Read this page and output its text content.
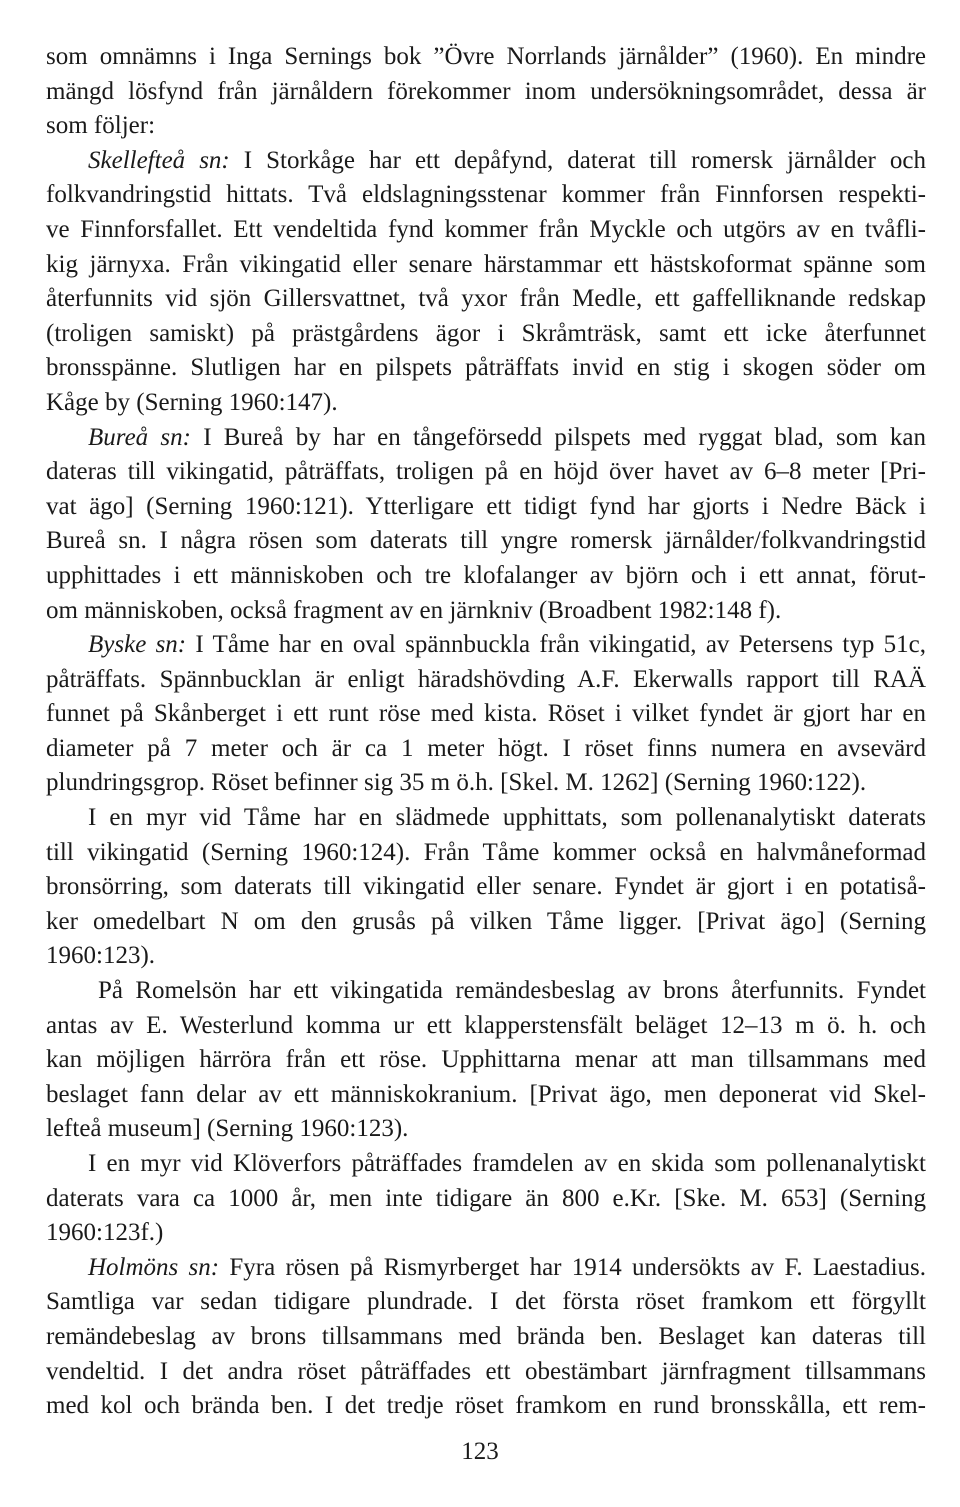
som omnämns i Inga Sernings bok ”Övre Norrlands järnålder” (1960). En mindre
mängd lösfynd från järnåldern förekommer inom undersökningsområdet, dessa är
som följer:
Skellefteå sn: I Storkåge har ett depåfynd, daterat till romersk järnålder och
folkvandringstid hittats. Två eldslagningsstenar kommer från Finnforsen respekti-
ve Finnforsfallet. Ett vendeltida fynd kommer från Myckle och utgörs av en tvåfli-
kig järnyxa. Från vikingatid eller senare härstammar ett hästskoformat spänne som
återfunnits vid sjön Gillersvattnet, två yxor från Medle, ett gaffelliknande redskap
(troligen samiskt) på prästgårdens ägor i Skråmträsk, samt ett icke återfunnet
bronsspänne. Slutligen har en pilspets påträffats invid en stig i skogen söder om
Kåge by (Serning 1960:147).
Bureå sn: I Bureå by har en tångeförsedd pilspets med ryggat blad, som kan
dateras till vikingatid, påträffats, troligen på en höjd över havet av 6–8 meter [Pri-
vat ägo] (Serning 1960:121). Ytterligare ett tidigt fynd har gjorts i Nedre Bäck i
Bureå sn. I några rösen som daterats till yngre romersk järnålder/folkvandringstid
upphittades i ett människoben och tre klofalanger av björn och i ett annat, förut-
om människoben, också fragment av en järnkniv (Broadbent 1982:148 f).
Byske sn: I Tåme har en oval spännbuckla från vikingatid, av Petersens typ 51c,
påträffats. Spännbucklan är enligt häradshövding A.F. Ekerwalls rapport till RAÄ
funnet på Skånberget i ett runt röse med kista. Röset i vilket fyndet är gjort har en
diameter på 7 meter och är ca 1 meter högt. I röset finns numera en avsevärd
plundringsgrop. Röset befinner sig 35 m ö.h. [Skel. M. 1262] (Serning 1960:122).
I en myr vid Tåme har en slädmede upphittats, som pollenanalytiskt daterats
till vikingatid (Serning 1960:124). Från Tåme kommer också en halvmåneformad
bronsörring, som daterats till vikingatid eller senare. Fyndet är gjort i en potatiså-
ker omedelbart N om den grusås på vilken Tåme ligger. [Privat ägo] (Serning
1960:123).
På Romelsön har ett vikingatida remändesbeslag av brons återfunnits. Fyndet
antas av E. Westerlund komma ur ett klapperstensfält beläget 12–13 m ö. h. och
kan möjligen härröra från ett röse. Upphittarna menar att man tillsammans med
beslaget fann delar av ett människokranium. [Privat ägo, men deponerat vid Skel-
lefteå museum] (Serning 1960:123).
I en myr vid Klöverfors påträffades framdelen av en skida som pollenanalytiskt
daterats vara ca 1000 år, men inte tidigare än 800 e.Kr. [Ske. M. 653] (Serning
1960:123f.)
Holmöns sn: Fyra rösen på Rismyrberget har 1914 undersökts av F. Laestadius.
Samtliga var sedan tidigare plundrade. I det första röset framkom ett förgyllt
remändebeslag av brons tillsammans med brända ben. Beslaget kan dateras till
vendeltid. I det andra röset påträffades ett obestämbart järnfragment tillsammans
med kol och brända ben. I det tredje röset framkom en rund bronsskålla, ett rem-
123
